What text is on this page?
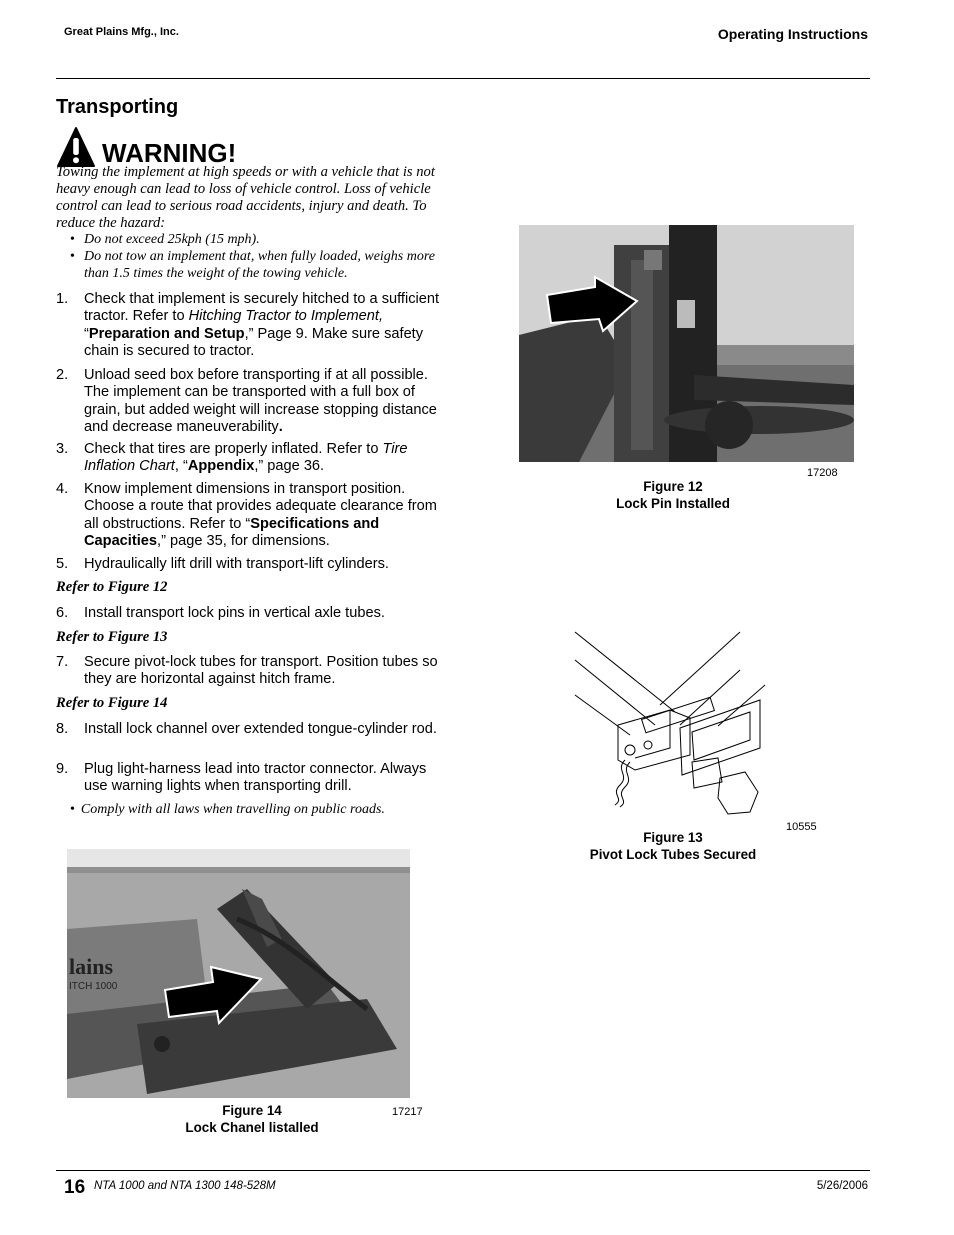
Great Plains Mfg., Inc.	Operating Instructions
Transporting
WARNING!
Towing the implement at high speeds or with a vehicle that is not heavy enough can lead to loss of vehicle control. Loss of vehicle control can lead to serious road accidents, injury and death. To reduce the hazard:
• Do not exceed 25kph (15 mph).
• Do not tow an implement that, when fully loaded, weighs more than 1.5 times the weight of the towing vehicle.
1. Check that implement is securely hitched to a sufficient tractor. Refer to Hitching Tractor to Implement, “Preparation and Setup,” Page 9. Make sure safety chain is secured to tractor.
2. Unload seed box before transporting if at all possible. The implement can be transported with a full box of grain, but added weight will increase stopping distance and decrease maneuverability.
3. Check that tires are properly inflated. Refer to Tire Inflation Chart, “Appendix,” page 36.
4. Know implement dimensions in transport position. Choose a route that provides adequate clearance from all obstructions. Refer to “Specifications and Capacities,” page 35, for dimensions.
5. Hydraulically lift drill with transport-lift cylinders.
Refer to Figure 12
6. Install transport lock pins in vertical axle tubes.
Refer to Figure 13
7. Secure pivot-lock tubes for transport. Position tubes so they are horizontal against hitch frame.
Refer to Figure 14
8. Install lock channel over extended tongue-cylinder rod.
9. Plug light-harness lead into tractor connector. Always use warning lights when transporting drill.
• Comply with all laws when travelling on public roads.
17208
Figure 12
Lock Pin Installed
10555
Figure 13
Pivot Lock Tubes Secured
lains
ITCH 1000
17217
Figure 14
Lock Chanel listalled
16 NTA 1000 and NTA 1300 148-528M	5/26/2006
